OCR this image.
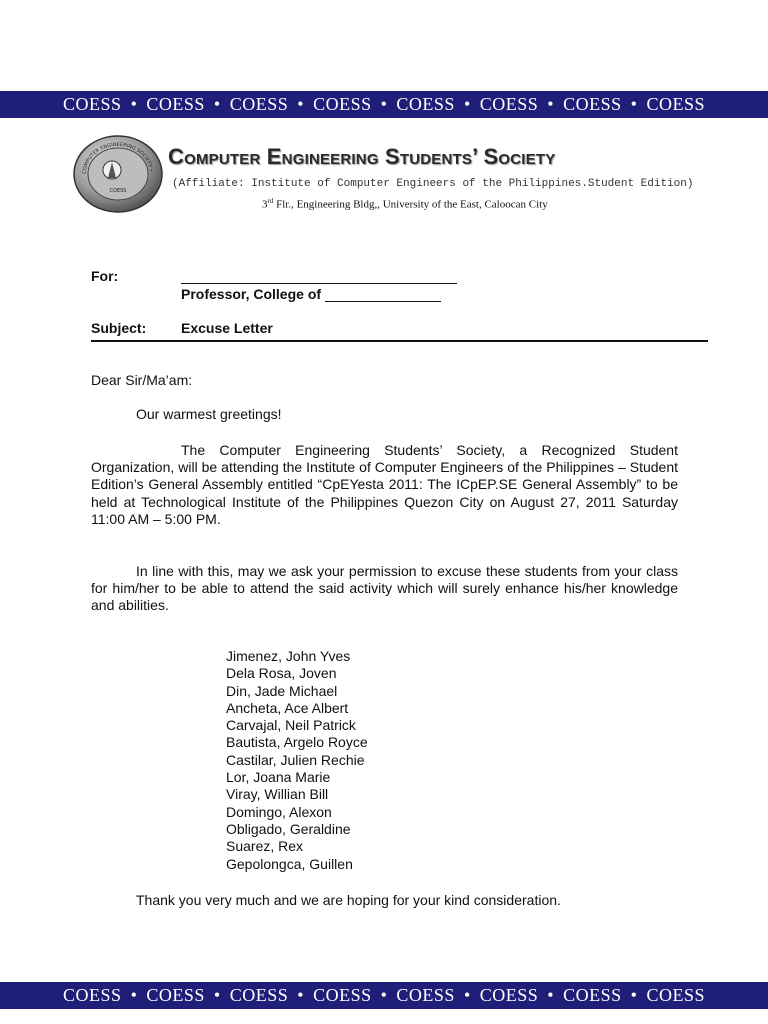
COESS • COESS • COESS • COESS • COESS • COESS • COESS • COESS
COMPUTER ENGINEERING SOCIETY •
COESS
Computer Engineering Students’ Society
(Affiliate: Institute of Computer Engineers of the Philippines.Student Edition)
3rd Flr., Engineering Bldg,, University of the East, Caloocan City
For:
Professor, College of
Subject: Excuse Letter
Dear Sir/Ma’am:
Our warmest greetings!
The Computer Engineering Students’ Society, a Recognized Student Organization, will be attending the Institute of Computer Engineers of the Philippines – Student Edition’s General Assembly entitled “CpEYesta 2011: The ICpEP.SE General Assembly” to be held at Technological Institute of the Philippines Quezon City on August 27, 2011 Saturday 11:00 AM – 5:00 PM.
In line with this, may we ask your permission to excuse these students from your class for him/her to be able to attend the said activity which will surely enhance his/her knowledge and abilities.
Jimenez, John Yves
Dela Rosa, Joven
Din, Jade Michael
Ancheta, Ace Albert
Carvajal, Neil Patrick
Bautista, Argelo Royce
Castilar, Julien Rechie
Lor, Joana Marie
Viray, Willian Bill
Domingo, Alexon
Obligado, Geraldine
Suarez, Rex
Gepolongca, Guillen
Thank you very much and we are hoping for your kind consideration.
COESS • COESS • COESS • COESS • COESS • COESS • COESS • COESS
